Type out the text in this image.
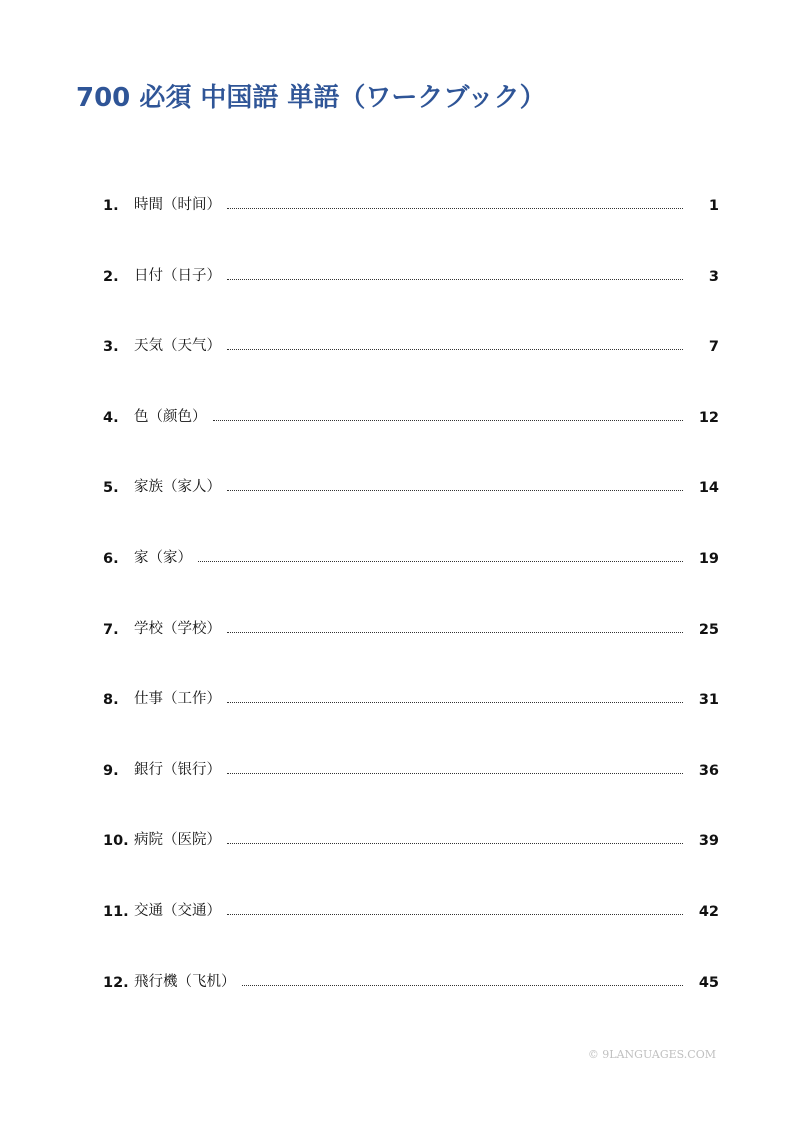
700 必須 中国語 単語（ワークブック）
1.	時間（时间）	1
2.	日付（日子）	3
3.	天気（天气）	7
4.	色（颜色）	12
5.	家族（家人）	14
6.	家（家）	19
7.	学校（学校）	25
8.	仕事（工作）	31
9.	銀行（银行）	36
10. 病院（医院）	39
11. 交通（交通）	42
12. 飛行機（飞机）	45
© 9LANGUAGES.COM
